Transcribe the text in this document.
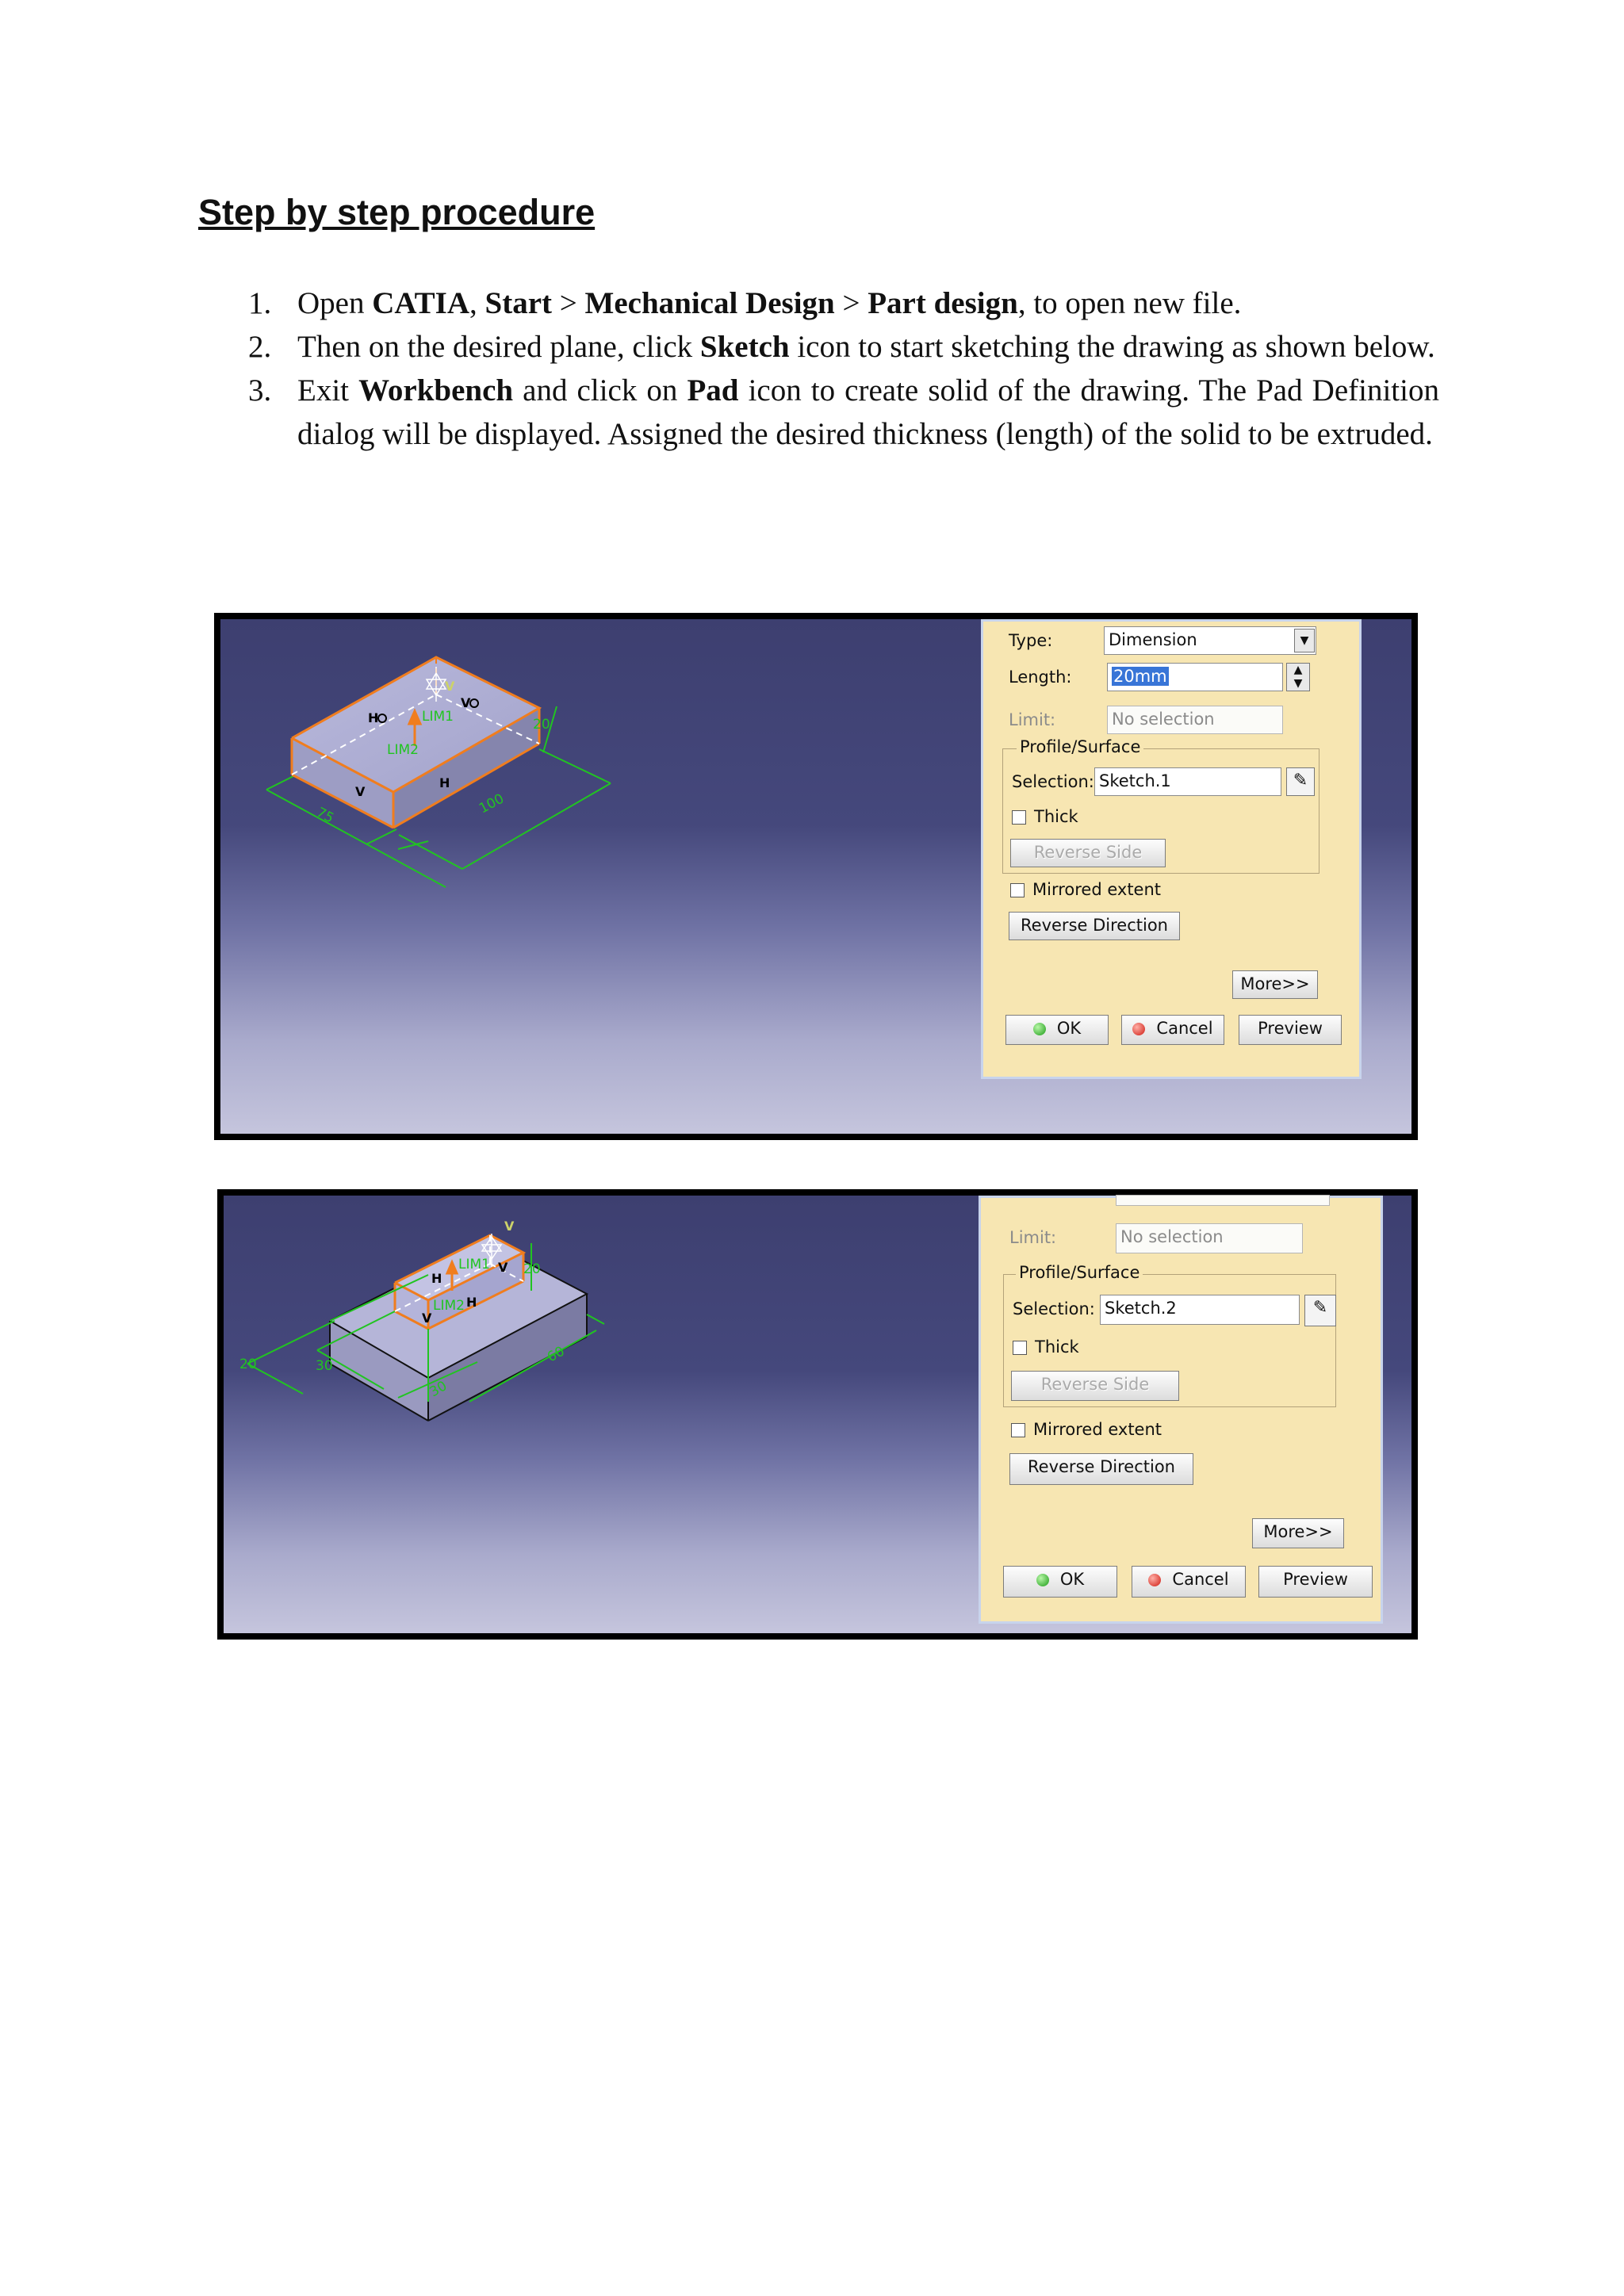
Step by step procedure
1. Open CATIA, Start > Mechanical Design > Part design, to open new file.
2. Then on the desired plane, click Sketch icon to start sketching the drawing as shown below.
3. Exit Workbench and click on Pad icon to create solid of the drawing. The Pad Definition dialog will be displayed. Assigned the desired thickness (length) of the solid to be extruded.
LIM1
LIM2
20
100
75
H
V
V
H
V
Type:	Dimension	▼
Length:	20mm	▲
▼
Limit:	No selection
Profile/Surface
Selection: Sketch.1	✎
Thick
Reverse Side
Mirrored extent
Reverse Direction
More>>
OK	Cancel	Preview
LIM1
LIM2
20
20	30
30
60
H
V
V
H
V
Limit:	No selection
Profile/Surface
Selection: Sketch.2	✎
Thick
Reverse Side
Mirrored extent
Reverse Direction
More>>
OK	Cancel	Preview
